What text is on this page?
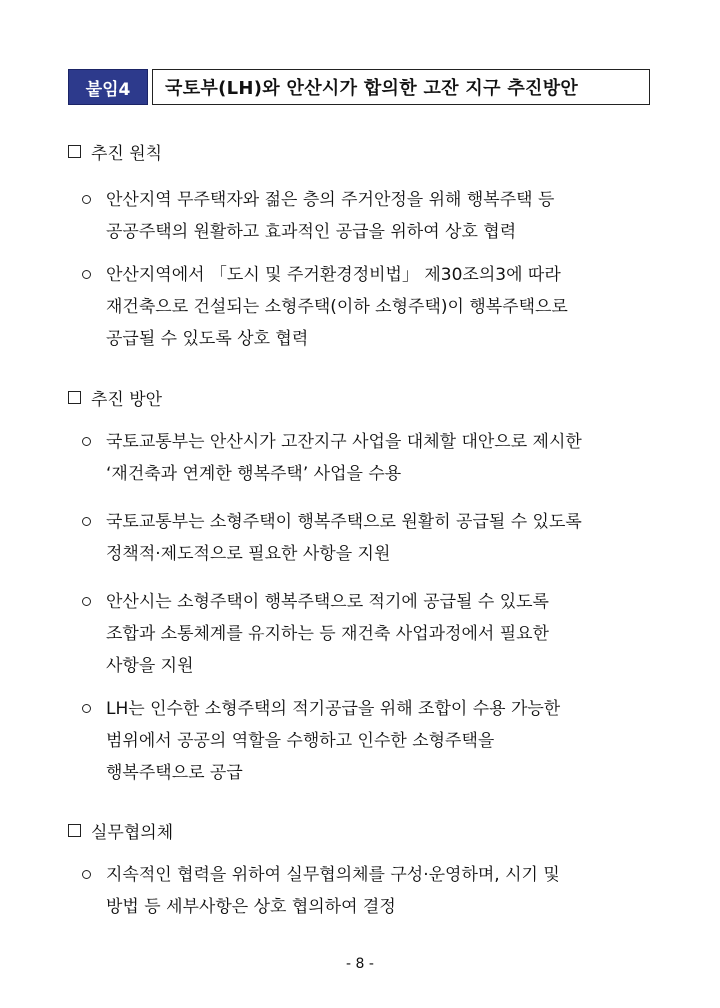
붙임4	국토부(LH)와 안산시가 합의한 고잔 지구 추진방안
추진 원칙
안산지역 무주택자와 젊은 층의 주거안정을 위해 행복주택 등
공공주택의 원활하고 효과적인 공급을 위하여 상호 협력
안산지역에서 「도시 및 주거환경정비법」 제30조의3에 따라
재건축으로 건설되는 소형주택(이하 소형주택)이 행복주택으로
공급될 수 있도록 상호 협력
추진 방안
국토교통부는 안산시가 고잔지구 사업을 대체할 대안으로 제시한
‘재건축과 연계한 행복주택’ 사업을 수용
국토교통부는 소형주택이 행복주택으로 원활히 공급될 수 있도록
정책적·제도적으로 필요한 사항을 지원
안산시는 소형주택이 행복주택으로 적기에 공급될 수 있도록
조합과 소통체계를 유지하는 등 재건축 사업과정에서 필요한
사항을 지원
LH는 인수한 소형주택의 적기공급을 위해 조합이 수용 가능한
범위에서 공공의 역할을 수행하고 인수한 소형주택을
행복주택으로 공급
실무협의체
지속적인 협력을 위하여 실무협의체를 구성·운영하며, 시기 및
방법 등 세부사항은 상호 협의하여 결정
- 8 -
